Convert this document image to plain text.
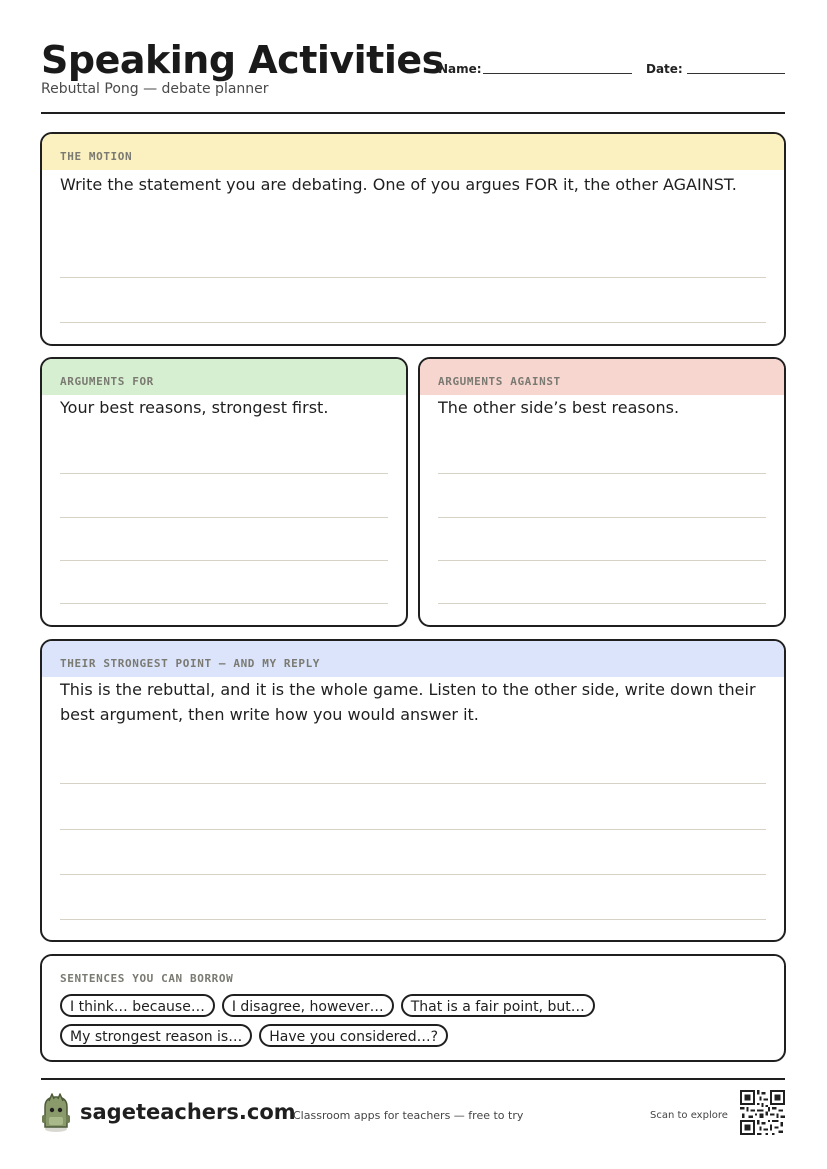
Speaking Activities
Rebuttal Pong — debate planner
Name:	Date:
THE MOTION
Write the statement you are debating. One of you argues FOR it, the other AGAINST.
ARGUMENTS FOR
Your best reasons, strongest first.
ARGUMENTS AGAINST
The other side’s best reasons.
THEIR STRONGEST POINT — AND MY REPLY
This is the rebuttal, and it is the whole game. Listen to the other side, write down their best argument, then write how you would answer it.
SENTENCES YOU CAN BORROW
I think… because…	I disagree, however…	That is a fair point, but…
My strongest reason is…	Have you considered…?
sageteachers.com
Classroom apps for teachers — free to try	Scan to explore
